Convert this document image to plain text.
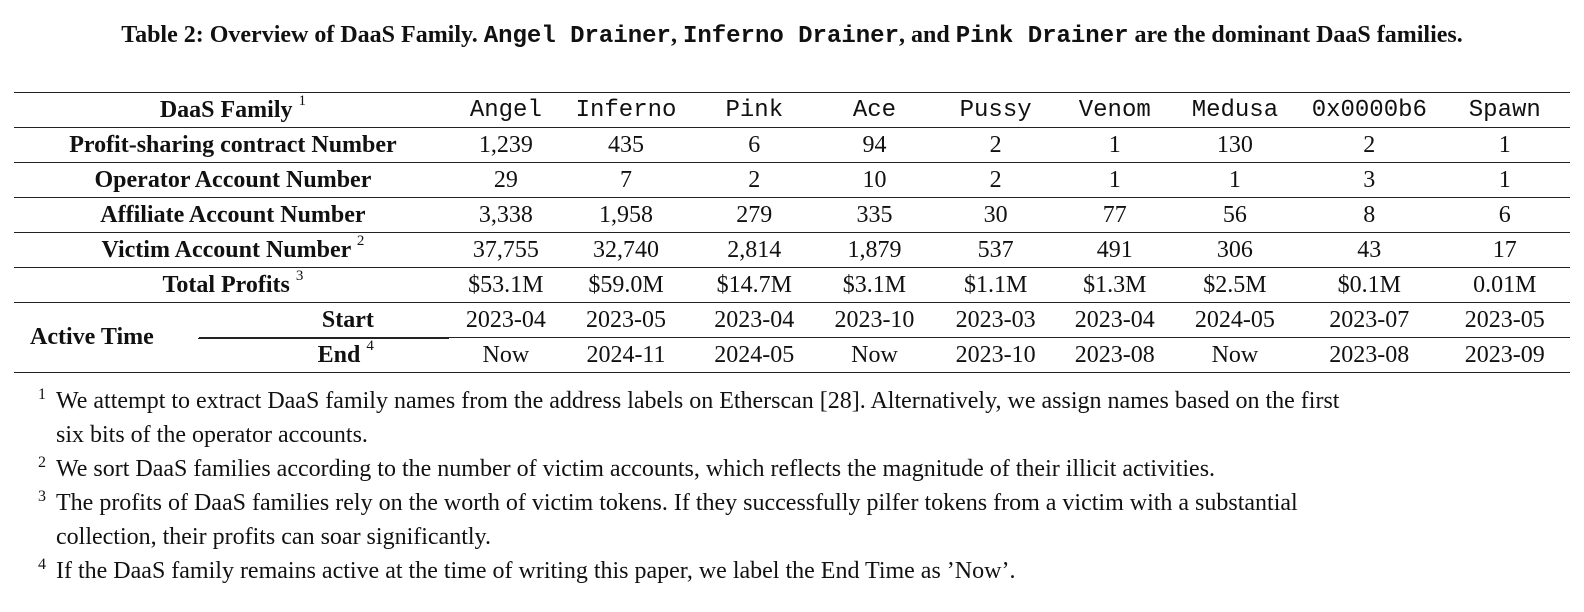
Table 2: Overview of DaaS Family. Angel Drainer, Inferno Drainer, and Pink Drainer are the dominant DaaS families.
DaaS Family $^1$		Angel	Inferno	Pink	Ace	Pussy	Venom	Medusa	0x0000b6	Spawn
Profit-sharing contract Number		1,239	435	6	94	2	1	130	2	1
Operator Account Number		29	7	2	10	2	1	1	3	1
Affiliate Account Number		3,338	1,958	279	335	30	77	56	8	6
Victim Account Number $^2$		37,755	32,740	2,814	1,879	537	491	306	43	17
Total Profits $^3$		$53.1M	$59.0M	$14.7M	$3.1M	$1.1M	$1.3M	$2.5M	$0.1M	0.01M
Active Time	Start	2023-04	2023-05	2023-04	2023-10	2023-03	2023-04	2024-05	2023-07	2023-05
	End $^4$	Now	2024-11	2024-05	Now	2023-10	2023-08	Now	2023-08	2023-09
1 We attempt to extract DaaS family names from the address labels on Etherscan [28]. Alternatively, we assign names based on the first
six bits of the operator accounts.
2 We sort DaaS families according to the number of victim accounts, which reflects the magnitude of their illicit activities.
3 The profits of DaaS families rely on the worth of victim tokens. If they successfully pilfer tokens from a victim with a substantial
collection, their profits can soar significantly.
4 If the DaaS family remains active at the time of writing this paper, we label the End Time as ’Now’.
